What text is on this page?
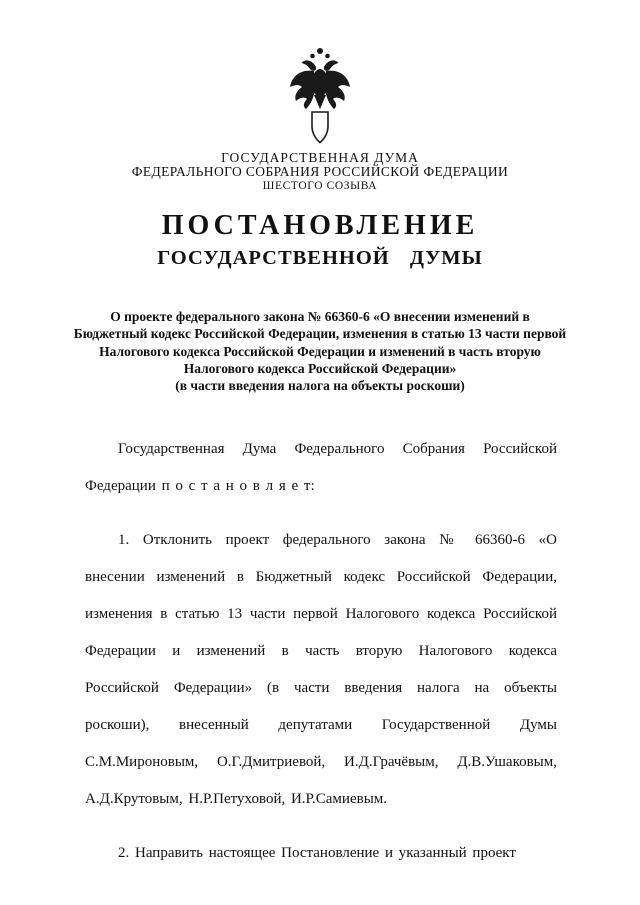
ГОСУДАРСТВЕННАЯ ДУМА
ФЕДЕРАЛЬНОГО СОБРАНИЯ РОССИЙСКОЙ ФЕДЕРАЦИИ
ШЕСТОГО СОЗЫВА
ПОСТАНОВЛЕНИЕ
ГОСУДАРСТВЕННОЙ ДУМЫ
О проекте федерального закона № 66360-6 «О внесении изменений в Бюджетный кодекс Российской Федерации, изменения в статью 13 части первой Налогового кодекса Российской Федерации и изменений в часть вторую Налогового кодекса Российской Федерации»
(в части введения налога на объекты роскоши)

Государственная Дума Федерального Собрания Российской Федерации п о с т а н о в л я е т:

1. Отклонить проект федерального закона № 66360-6 «О внесении изменений в Бюджетный кодекс Российской Федерации, изменения в статью 13 части первой Налогового кодекса Российской Федерации и изменений в часть вторую Налогового кодекса Российской Федерации» (в части введения налога на объекты роскоши), внесенный депутатами Государственной Думы С.М.Мироновым, О.Г.Дмитриевой, И.Д.Грачёвым, Д.В.Ушаковым, А.Д.Крутовым, Н.Р.Петуховой, И.Р.Самиевым.

2. Направить настоящее Постановление и указанный проект
